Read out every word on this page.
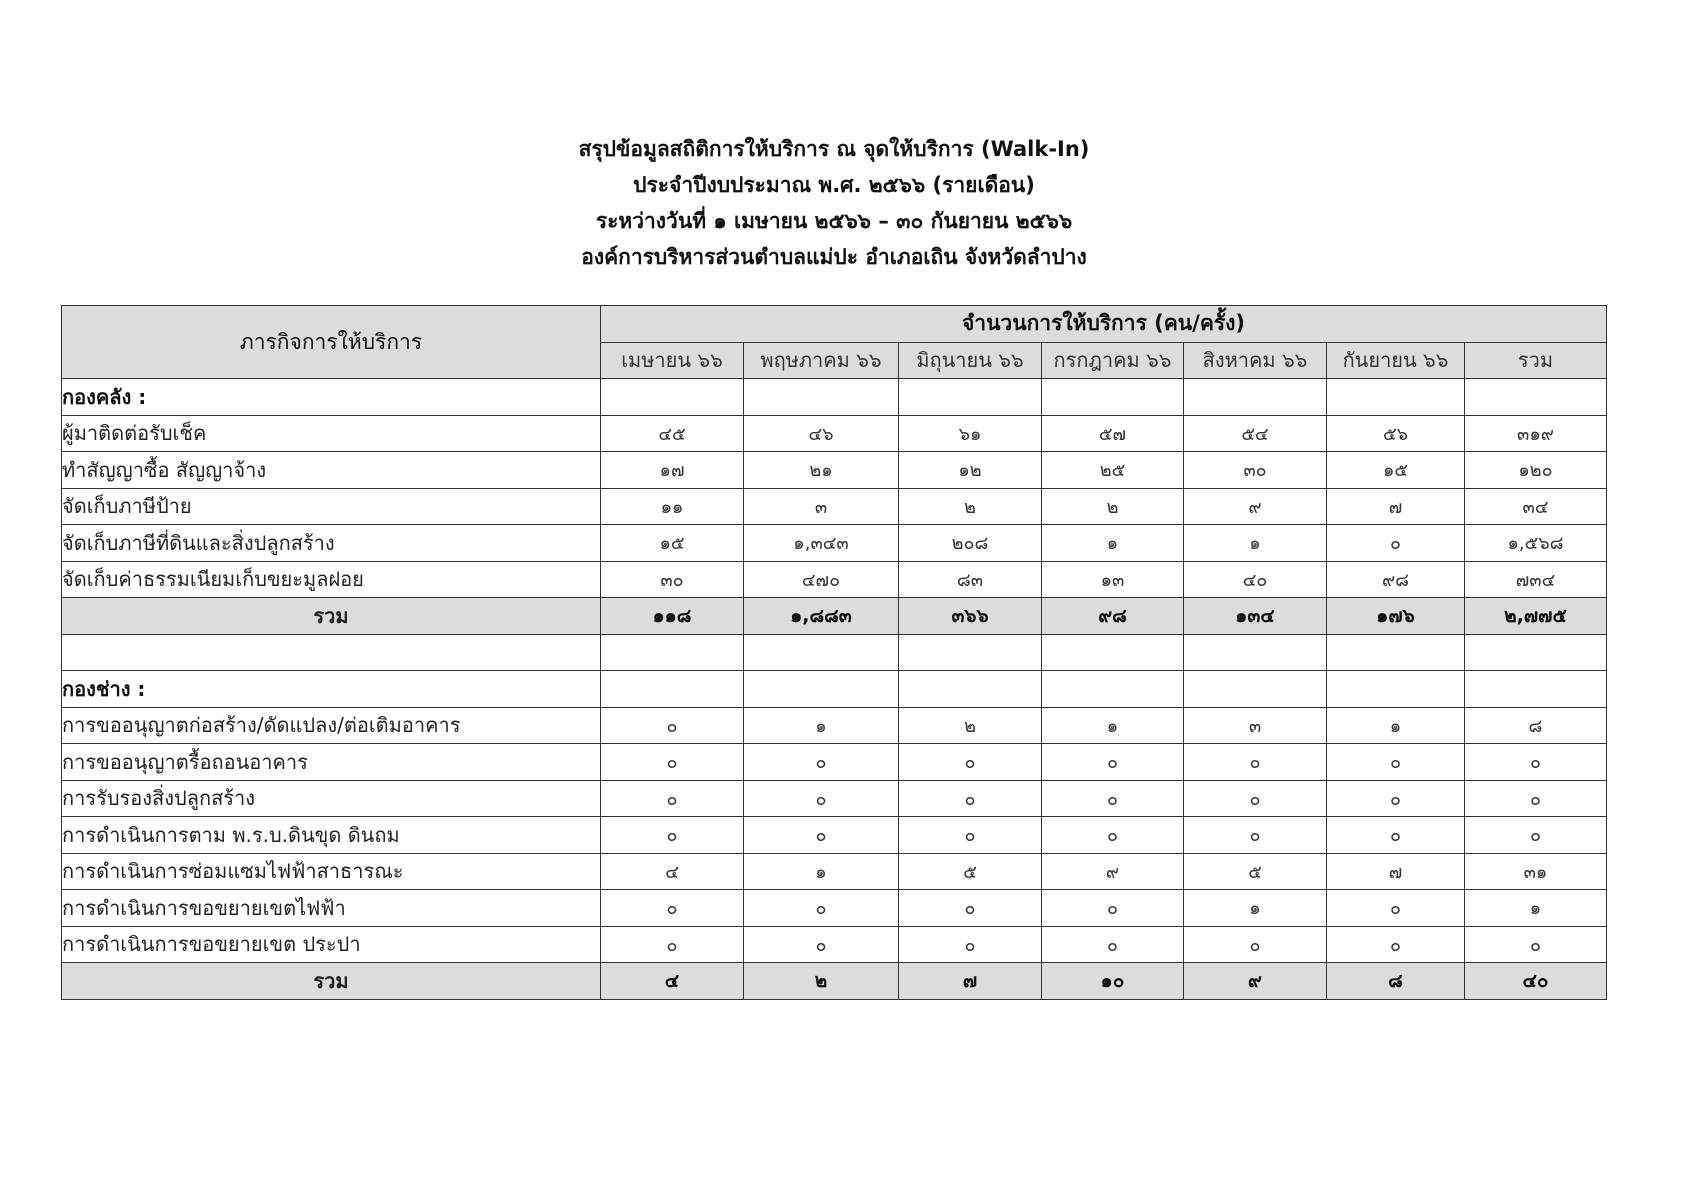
สรุปข้อมูลสถิติการให้บริการ ณ จุดให้บริการ (Walk-In)
ประจำปีงบประมาณ พ.ศ. ๒๕๖๖ (รายเดือน)
ระหว่างวันที่ ๑ เมษายน ๒๕๖๖ – ๓๐ กันยายน ๒๕๖๖
องค์การบริหารส่วนตำบลแม่ปะ อำเภอเถิน จังหวัดลำปาง
ภารกิจการให้บริการ	จำนวนการให้บริการ (คน/ครั้ง)						
	เมษายน ๖๖	พฤษภาคม ๖๖	มิถุนายน ๖๖	กรกฎาคม ๖๖	สิงหาคม ๖๖	กันยายน ๖๖	รวม
กองคลัง :							
ผู้มาติดต่อรับเช็ค	๔๕	๔๖	๖๑	๕๗	๕๔	๕๖	๓๑๙
ทำสัญญาซื้อ สัญญาจ้าง	๑๗	๒๑	๑๒	๒๕	๓๐	๑๕	๑๒๐
จัดเก็บภาษีป้าย	๑๑	๓	๒	๒	๙	๗	๓๔
จัดเก็บภาษีที่ดินและสิ่งปลูกสร้าง	๑๕	๑,๓๔๓	๒๐๘	๑	๑	๐	๑,๕๖๘
จัดเก็บค่าธรรมเนียมเก็บขยะมูลฝอย	๓๐	๔๗๐	๘๓	๑๓	๔๐	๙๘	๗๓๔
รวม	๑๑๘	๑,๘๘๓	๓๖๖	๙๘	๑๓๔	๑๗๖	๒,๗๗๕

กองช่าง :							
การขออนุญาตก่อสร้าง/ดัดแปลง/ต่อเติมอาคาร	๐	๑	๒	๑	๓	๑	๘
การขออนุญาตรื้อถอนอาคาร	๐	๐	๐	๐	๐	๐	๐
การรับรองสิ่งปลูกสร้าง	๐	๐	๐	๐	๐	๐	๐
การดำเนินการตาม พ.ร.บ.ดินขุด ดินถม	๐	๐	๐	๐	๐	๐	๐
การดำเนินการซ่อมแซมไฟฟ้าสาธารณะ	๔	๑	๕	๙	๕	๗	๓๑
การดำเนินการขอขยายเขตไฟฟ้า	๐	๐	๐	๐	๑	๐	๑
การดำเนินการขอขยายเขต ประปา	๐	๐	๐	๐	๐	๐	๐
รวม	๔	๒	๗	๑๐	๙	๘	๔๐
